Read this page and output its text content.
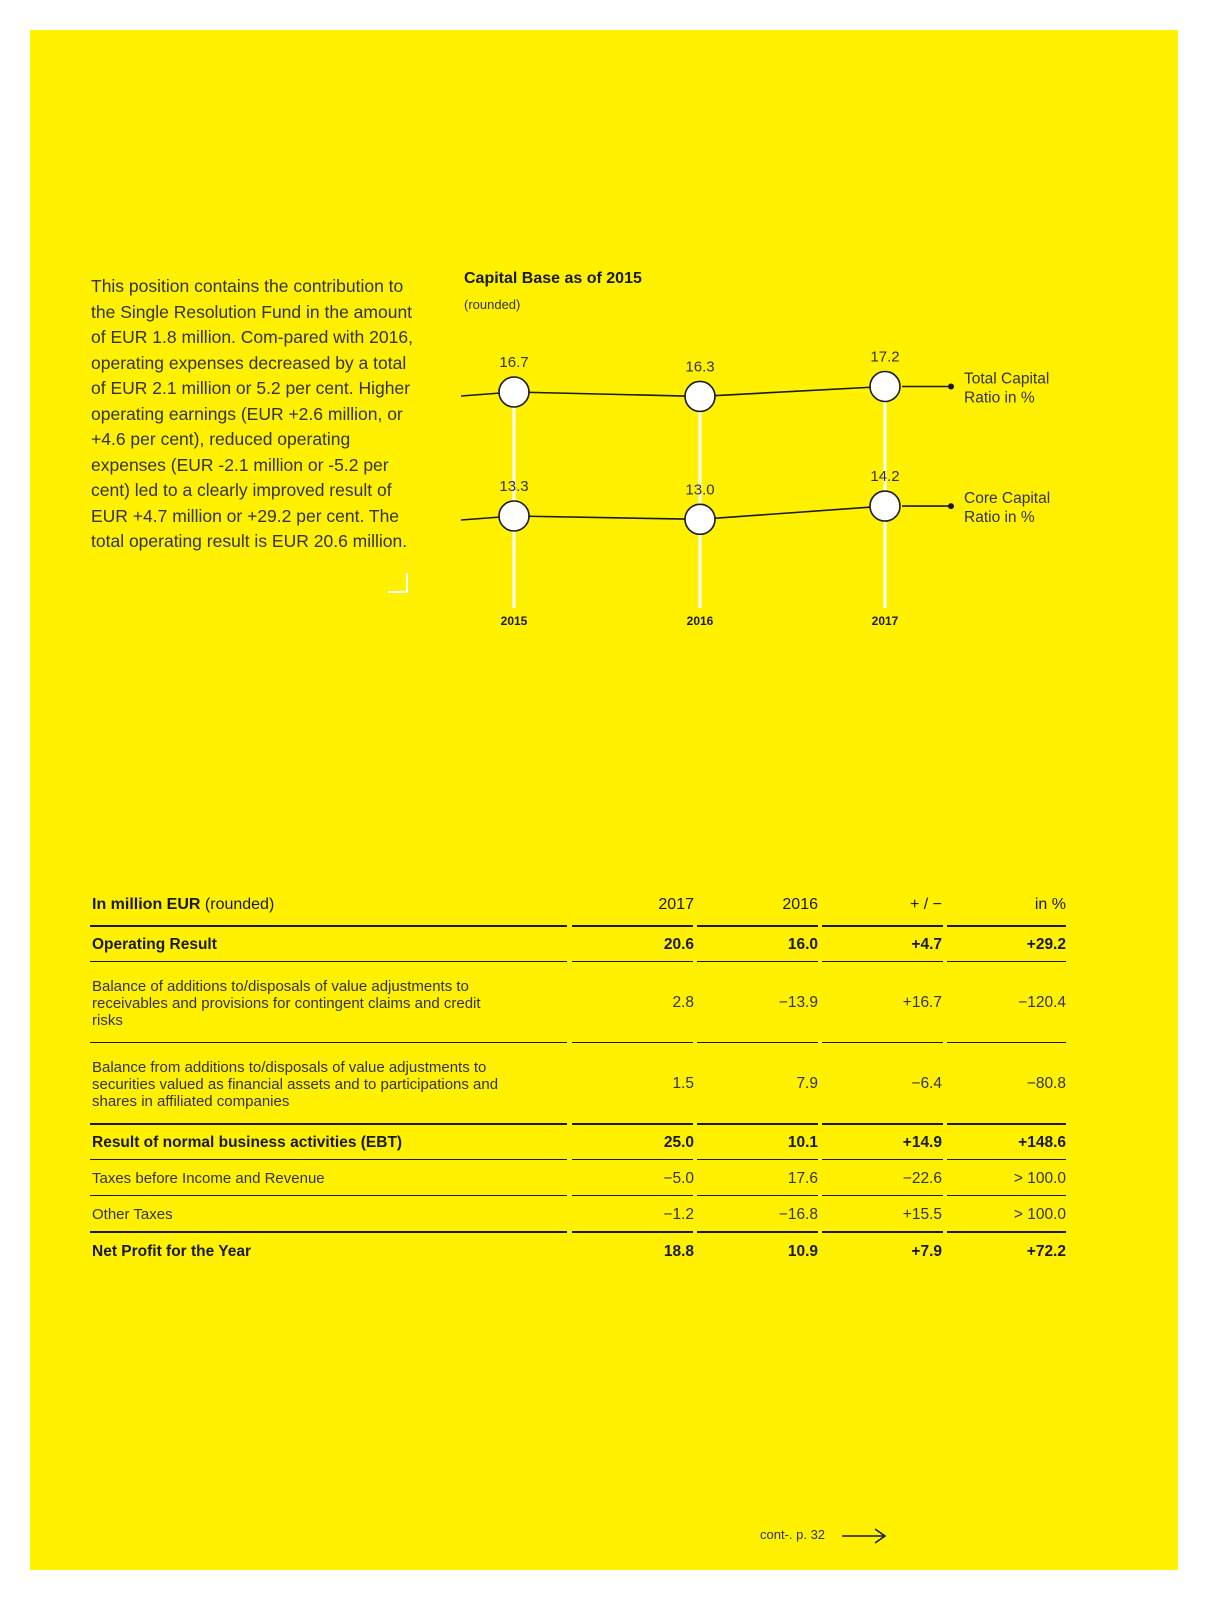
This position contains the contribution to the Single Resolution Fund in the amount of EUR 1.8 million. Com-pared with 2016, operating expenses decreased by a total of EUR 2.1 million or 5.2 per cent. Higher operating earnings (EUR +2.6 million, or +4.6 per cent), reduced operating expenses (EUR -2.1 million or -5.2 per cent) led to a clearly improved result of EUR +4.7 million or +29.2 per cent. The total operating result is EUR 20.6 million.

Capital Base as of 2015
(rounded)
Total Capital
Ratio in %
16.7	16.3
17.2
Core Capital
Ratio in %
13.3	13.0
14.2
2015	2016	2017
In million EUR (rounded)	2017	2016	+ / −	in %
Operating Result	20.6	16.0	+4.7	+29.2
Balance of additions to/disposals of value adjustments to receivables and provisions for contingent claims and credit risks
2.8	−13.9	+16.7	−120.4
Balance from additions to/disposals of value adjustments to securities valued as financial assets and to participations and shares in affiliated companies
1.5	7.9	−6.4	−80.8
Result of normal business activities (EBT)	25.0	10.1	+14.9	+148.6
Taxes before Income and Revenue	−5.0	17.6	−22.6	> 100.0
Other Taxes	−1.2	−16.8	+15.5	> 100.0
Net Profit for the Year	18.8	10.9	+7.9	+72.2
cont-. p. 32
